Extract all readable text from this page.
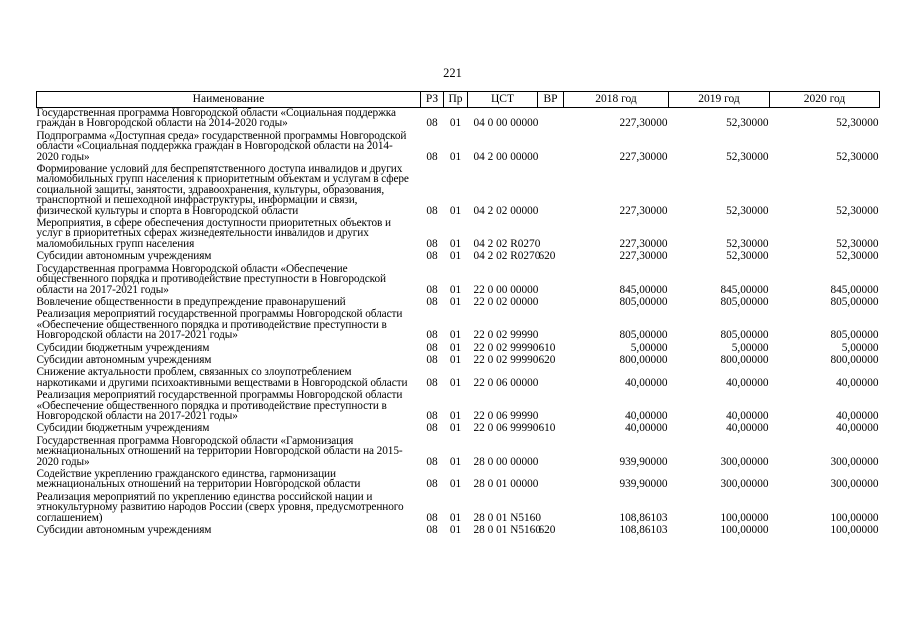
221
Наименование	РЗ	Пр	ЦСТ	ВР	2018 год	2019 год	2020 год
Государственная программа Новгородской области «Социальная поддержка граждан в Новгородской области на 2014-2020 годы»	08	01	04 0 00 00000		227,30000	52,30000	52,30000
Подпрограмма «Доступная среда» государственной программы Новгородской области «Социальная поддержка граждан в Новгородской области на 2014-2020 годы»	08	01	04 2 00 00000		227,30000	52,30000	52,30000
Формирование условий для беспрепятственного доступа инвалидов и других маломобильных групп населения к приоритетным объектам и услугам в сфере социальной защиты, занятости, здравоохранения, культуры, образования, транспортной и пешеходной инфраструктуры, информации и связи, физической культуры и спорта в Новгородской области	08	01	04 2 02 00000		227,30000	52,30000	52,30000
Мероприятия, в сфере обеспечения доступности приоритетных объектов и услуг в приоритетных сферах жизнедеятельности инвалидов и других маломобильных групп населения	08	01	04 2 02 R0270		227,30000	52,30000	52,30000
Субсидии автономным учреждениям	08	01	04 2 02 R0270	620	227,30000	52,30000	52,30000
Государственная программа Новгородской области «Обеспечение общественного порядка и противодействие преступности в Новгородской области на 2017-2021 годы»	08	01	22 0 00 00000		845,00000	845,00000	845,00000
Вовлечение общественности в предупреждение правонарушений	08	01	22 0 02 00000		805,00000	805,00000	805,00000
Реализация мероприятий государственной программы Новгородской области «Обеспечение общественного порядка и противодействие преступности в Новгородской области на 2017-2021 годы»	08	01	22 0 02 99990		805,00000	805,00000	805,00000
Субсидии бюджетным учреждениям	08	01	22 0 02 99990	610	5,00000	5,00000	5,00000
Субсидии автономным учреждениям	08	01	22 0 02 99990	620	800,00000	800,00000	800,00000
Снижение актуальности проблем, связанных со злоупотреблением наркотиками и другими психоактивными веществами в Новгородской области	08	01	22 0 06 00000		40,00000	40,00000	40,00000
Реализация мероприятий государственной программы Новгородской области «Обеспечение общественного порядка и противодействие преступности в Новгородской области на 2017-2021 годы»	08	01	22 0 06 99990		40,00000	40,00000	40,00000
Субсидии бюджетным учреждениям	08	01	22 0 06 99990	610	40,00000	40,00000	40,00000
Государственная программа Новгородской области «Гармонизация межнациональных отношений на территории Новгородской области на 2015-2020 годы»	08	01	28 0 00 00000		939,90000	300,00000	300,00000
Содействие укреплению гражданского единства, гармонизации межнациональных отношений на территории Новгородской области	08	01	28 0 01 00000		939,90000	300,00000	300,00000
Реализация мероприятий по укреплению единства российской нации и этнокультурному развитию народов России (сверх уровня, предусмотренного соглашением)	08	01	28 0 01 N5160		108,86103	100,00000	100,00000
Субсидии автономным учреждениям	08	01	28 0 01 N5160	620	108,86103	100,00000	100,00000
